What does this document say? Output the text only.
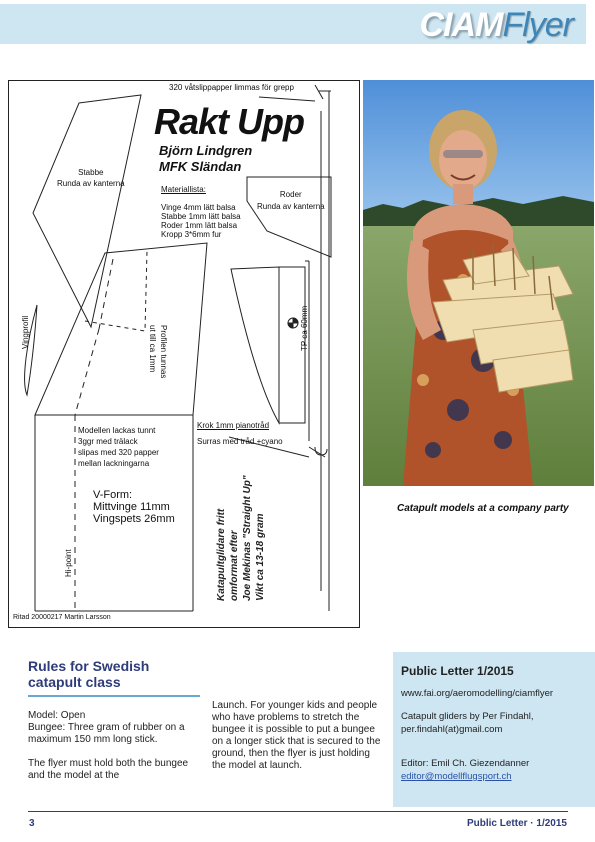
CIAM Flyer
320 våtslippapper limmas för grepp
Rakt Upp
Björn Lindgren
MFK Sländan
Stabbe
Runda av kanterna
Materiallista:
Vinge 4mm lätt balsa
Stabbe 1mm lätt balsa
Roder 1mm lätt balsa
Kropp 3*6mm fur
Roder
Runda av kanterna
Vingprofil	Profilen tunnas
ut till ca 1mm	TP ca 60mm
Modellen lackas tunnt
3ggr med trälack
slipas med 320 papper
mellan lackningarna
V-Form:
Mittvinge 11mm
Vingspets 26mm
Hi-point
Krok 1mm pianotråd
Surras med tråd +cyano
Katapultglidare fritt omformat efter Joe Mekinas "Straight Up" Vikt ca 13-18 gram
Ritad 20000217 Martin Larsson
Catapult models at a company party
Rules for Swedish
catapult class

Model: Open

Bungee: Three gram of rubber on a maximum 150 mm long stick.

The flyer must hold both the bungee and the model at the

Launch. For younger kids and people who have problems to stretch the bungee it is possible to put a bungee on a longer stick that is secured to the ground, then the flyer is just holding the model at launch.

Public Letter 1/2015
www.fai.org/aeromodelling/ciamflyer
Catapult gliders by Per Findahl,
per.findahl(at)gmail.com
Editor: Emil Ch. Giezendanner
editor@modellflugsport.ch
3	Public Letter · 1/2015
